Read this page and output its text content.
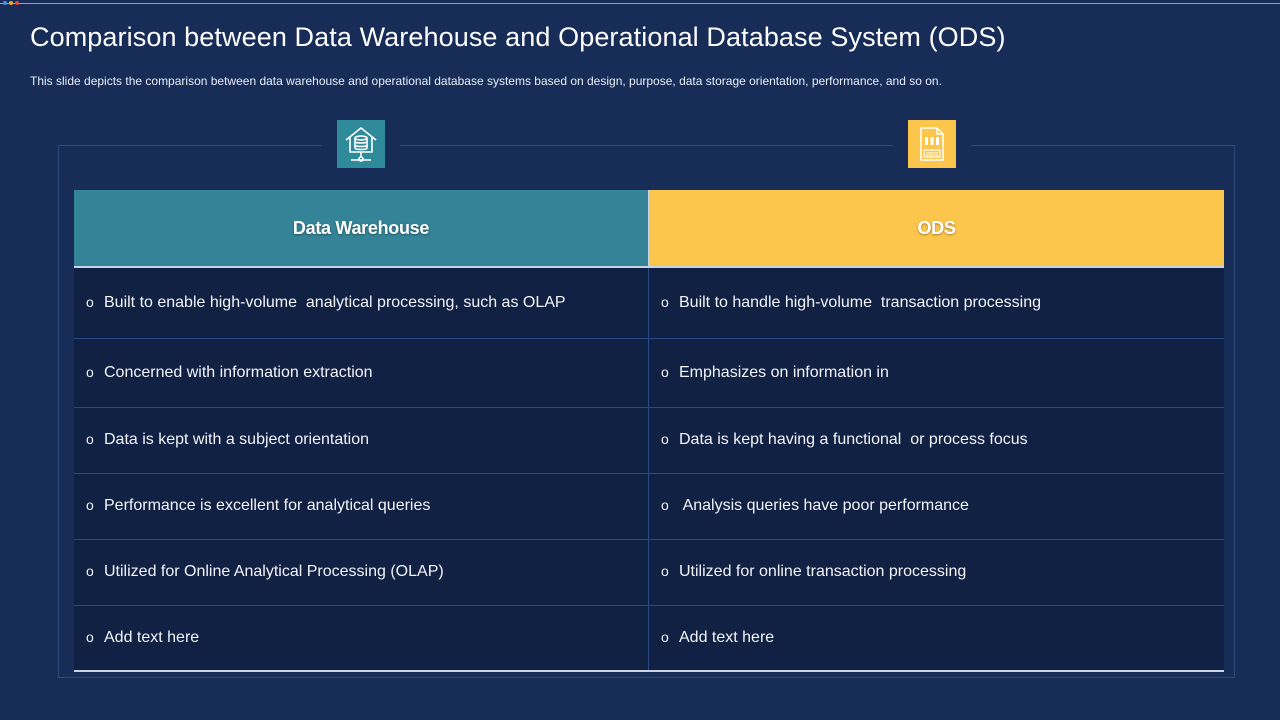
Comparison between Data Warehouse and Operational Database System (ODS)

This slide depicts the comparison between data warehouse and operational database systems based on design, purpose, data storage orientation, performance, and so on.

ODS
Data Warehouse	ODS
o Built to enable high-volume  analytical processing, such as OLAP	o Built to handle high-volume  transaction processing
o Concerned with information extraction	o Emphasizes on information in
o Data is kept with a subject orientation	o Data is kept having a functional  or process focus
o Performance is excellent for analytical queries	o Analysis queries have poor performance
o Utilized for Online Analytical Processing (OLAP)	o Utilized for online transaction processing
o Add text here	o Add text here
